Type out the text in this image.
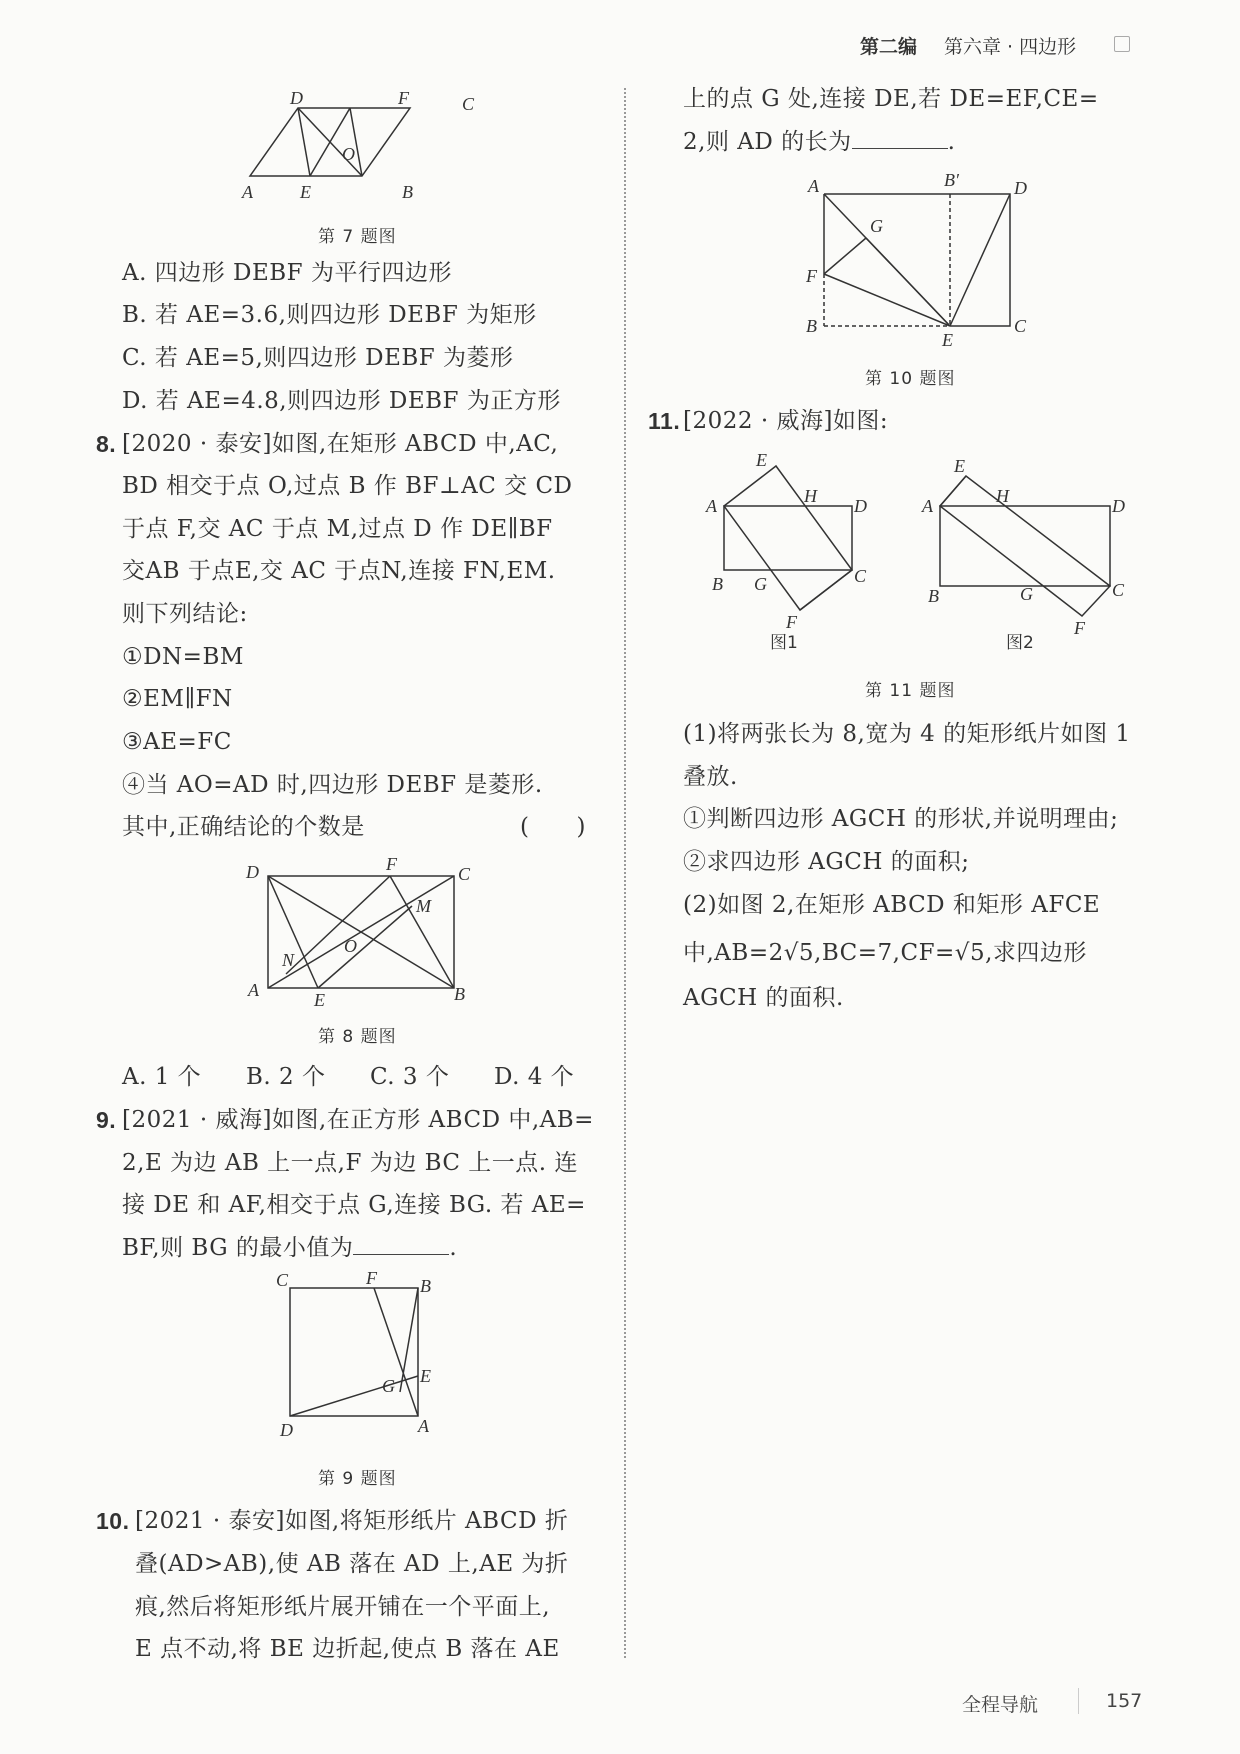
第二编 第六章 · 四边形
D	F	C
O
A	E	B
第 7 题图
A. 四边形 DEBF 为平行四边形
B. 若 AE=3.6,则四边形 DEBF 为矩形
C. 若 AE=5,则四边形 DEBF 为菱形
D. 若 AE=4.8,则四边形 DEBF 为正方形
8. [2020 · 泰安]如图,在矩形 ABCD 中,AC,
BD 相交于点 O,过点 B 作 BF⊥AC 交 CD
于点 F,交 AC 于点 M,过点 D 作 DE∥BF
交AB 于点E,交 AC 于点N,连接 FN,EM.
则下列结论:
①DN=BM
②EM∥FN
③AE=FC
④当 AO=AD 时,四边形 DEBF 是菱形.
其中,正确结论的个数是	(　　)
D	F	C
M
O
N
A	E	B
第 8 题图
A. 1 个 B. 2 个 C. 3 个 D. 4 个
9. [2021 · 威海]如图,在正方形 ABCD 中,AB=
2,E 为边 AB 上一点,F 为边 BC 上一点. 连
接 DE 和 AF,相交于点 G,连接 BG. 若 AE=
BF,则 BG 的最小值为	.
C	F B
G E
D	A
第 9 题图
10. [2021 · 泰安]如图,将矩形纸片 ABCD 折
叠(AD>AB),使 AB 落在 AD 上,AE 为折
痕,然后将矩形纸片展开铺在一个平面上,
E 点不动,将 BE 边折起,使点 B 落在 AE
上的点 G 处,连接 DE,若 DE=EF,CE=
2,则 AD 的长为	.
A	B′	D
G
F
B
E
C
第 10 题图
11. [2022 · 威海]如图:
E
H
A	D
B G	C
F
图1
E
H
A	D
B	G	C
F
图2
第 11 题图
(1)将两张长为 8,宽为 4 的矩形纸片如图 1
叠放.
①判断四边形 AGCH 的形状,并说明理由;
②求四边形 AGCH 的面积;
(2)如图 2,在矩形 ABCD 和矩形 AFCE
中,AB=2√5,BC=7,CF=√5,求四边形
AGCH 的面积.
全程导航	157
